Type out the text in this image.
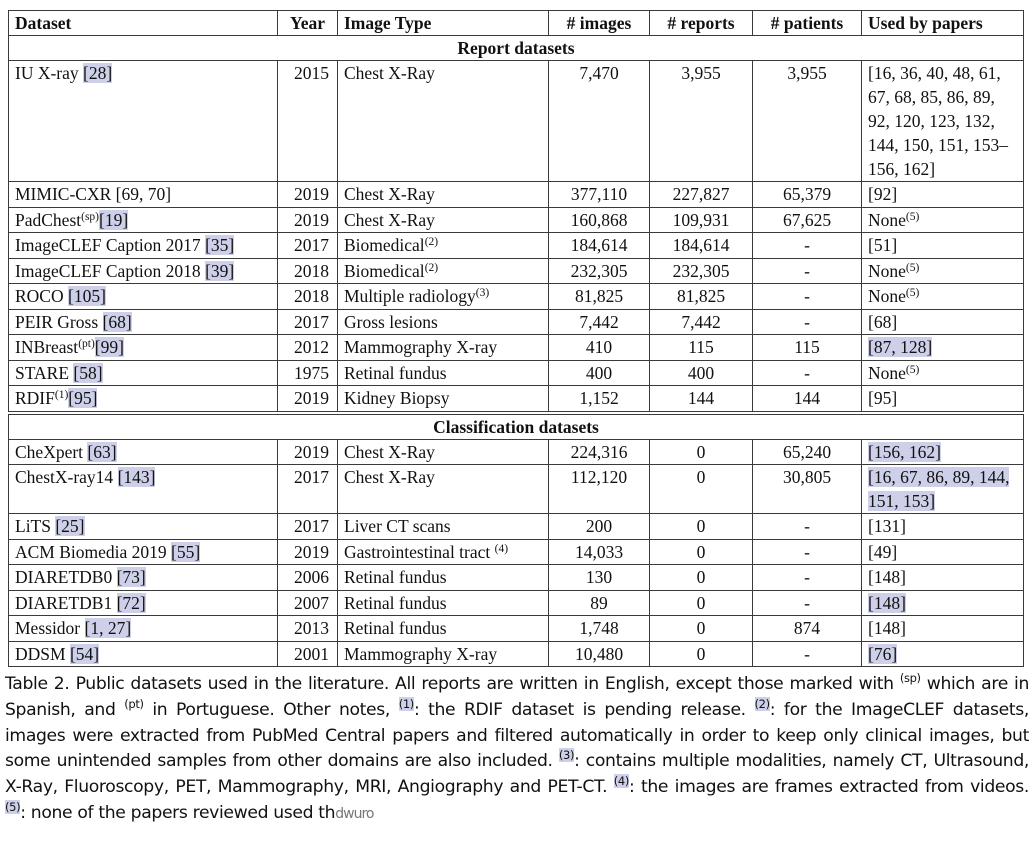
Dataset	Year	Image Type	# images	# reports	# patients	Used by papers
Report datasets						
IU X-ray [28]	2015	Chest X-Ray	7,470	3,955	3,955	[16, 36, 40, 48, 61, 67, 68, 85, 86, 89, 92, 120, 123, 132, 144, 150, 151, 153–156, 162]
MIMIC-CXR [69, 70]	2019	Chest X-Ray	377,110	227,827	65,379	[92]
PadChest$^{(sp)}$[19]	2019	Chest X-Ray	160,868	109,931	67,625	None$^{(5)}$
ImageCLEF Caption 2017 [35]	2017	Biomedical$^{(2)}$	184,614	184,614	-	[51]
ImageCLEF Caption 2018 [39]	2018	Biomedical$^{(2)}$	232,305	232,305	-	None$^{(5)}$
ROCO [105]	2018	Multiple radiology$^{(3)}$	81,825	81,825	-	None$^{(5)}$
PEIR Gross [68]	2017	Gross lesions	7,442	7,442	-	[68]
INBreast$^{(pt)}$[99]	2012	Mammography X-ray	410	115	115	[87, 128]
STARE [58]	1975	Retinal fundus	400	400	-	None$^{(5)}$
RDIF$^{(1)}$[95]	2019	Kidney Biopsy	1,152	144	144	[95]

Classification datasets						
CheXpert [63]	2019	Chest X-Ray	224,316	0	65,240	[156, 162]
ChestX-ray14 [143]	2017	Chest X-Ray	112,120	0	30,805	[16, 67, 86, 89, 144, 151, 153]
LiTS [25]	2017	Liver CT scans	200	0	-	[131]
ACM Biomedia 2019 [55]	2019	Gastrointestinal tract $^{(4)}$	14,033	0	-	[49]
DIARETDB0 [73]	2006	Retinal fundus	130	0	-	[148]
DIARETDB1 [72]	2007	Retinal fundus	89	0	-	[148]
Messidor [1, 27]	2013	Retinal fundus	1,748	0	874	[148]
DDSM [54]	2001	Mammography X-ray	10,480	0	-	[76]
Table 2. Public datasets used in the literature. All reports are written in English, except those marked with $^{(sp)}$ which are in Spanish, and $^{(pt)}$ in Portuguese. Other notes, $^{(1)}$: the RDIF dataset is pending release. $^{(2)}$: for the ImageCLEF datasets, images were extracted from PubMed Central papers and filtered automatically in order to keep only clinical images, but some unintended samples from other domains are also included. $^{(3)}$: contains multiple modalities, namely CT, Ultrasound, X-Ray, Fluoroscopy, PET, Mammography, MRI, Angiography and PET-CT. $^{(4)}$: the images are frames extracted from videos. $^{(5)}$: none of the papers reviewed used thdwuro
